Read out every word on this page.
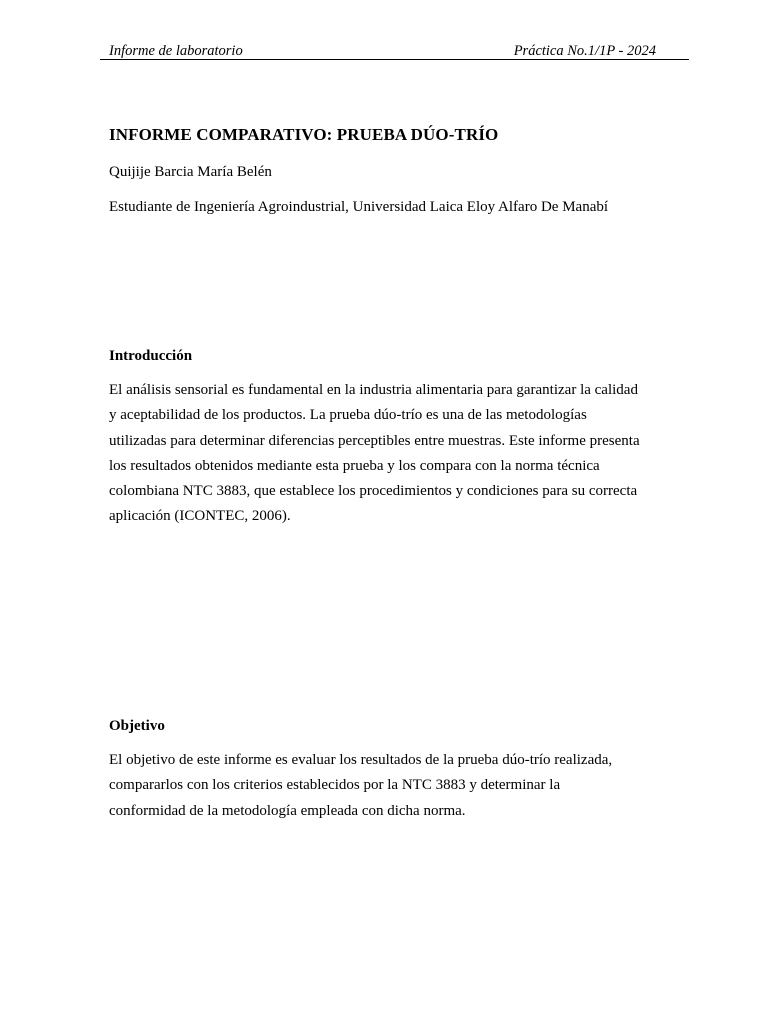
Informe de laboratorio	Práctica No.1/1P - 2024
INFORME COMPARATIVO: PRUEBA DÚO-TRÍO
Quijije Barcia María Belén
Estudiante de Ingeniería Agroindustrial, Universidad Laica Eloy Alfaro De Manabí
Introducción
El análisis sensorial es fundamental en la industria alimentaria para garantizar la calidad
y aceptabilidad de los productos. La prueba dúo-trío es una de las metodologías
utilizadas para determinar diferencias perceptibles entre muestras. Este informe presenta
los resultados obtenidos mediante esta prueba y los compara con la norma técnica
colombiana NTC 3883, que establece los procedimientos y condiciones para su correcta
aplicación (ICONTEC, 2006).
Objetivo
El objetivo de este informe es evaluar los resultados de la prueba dúo-trío realizada,
compararlos con los criterios establecidos por la NTC 3883 y determinar la
conformidad de la metodología empleada con dicha norma.
